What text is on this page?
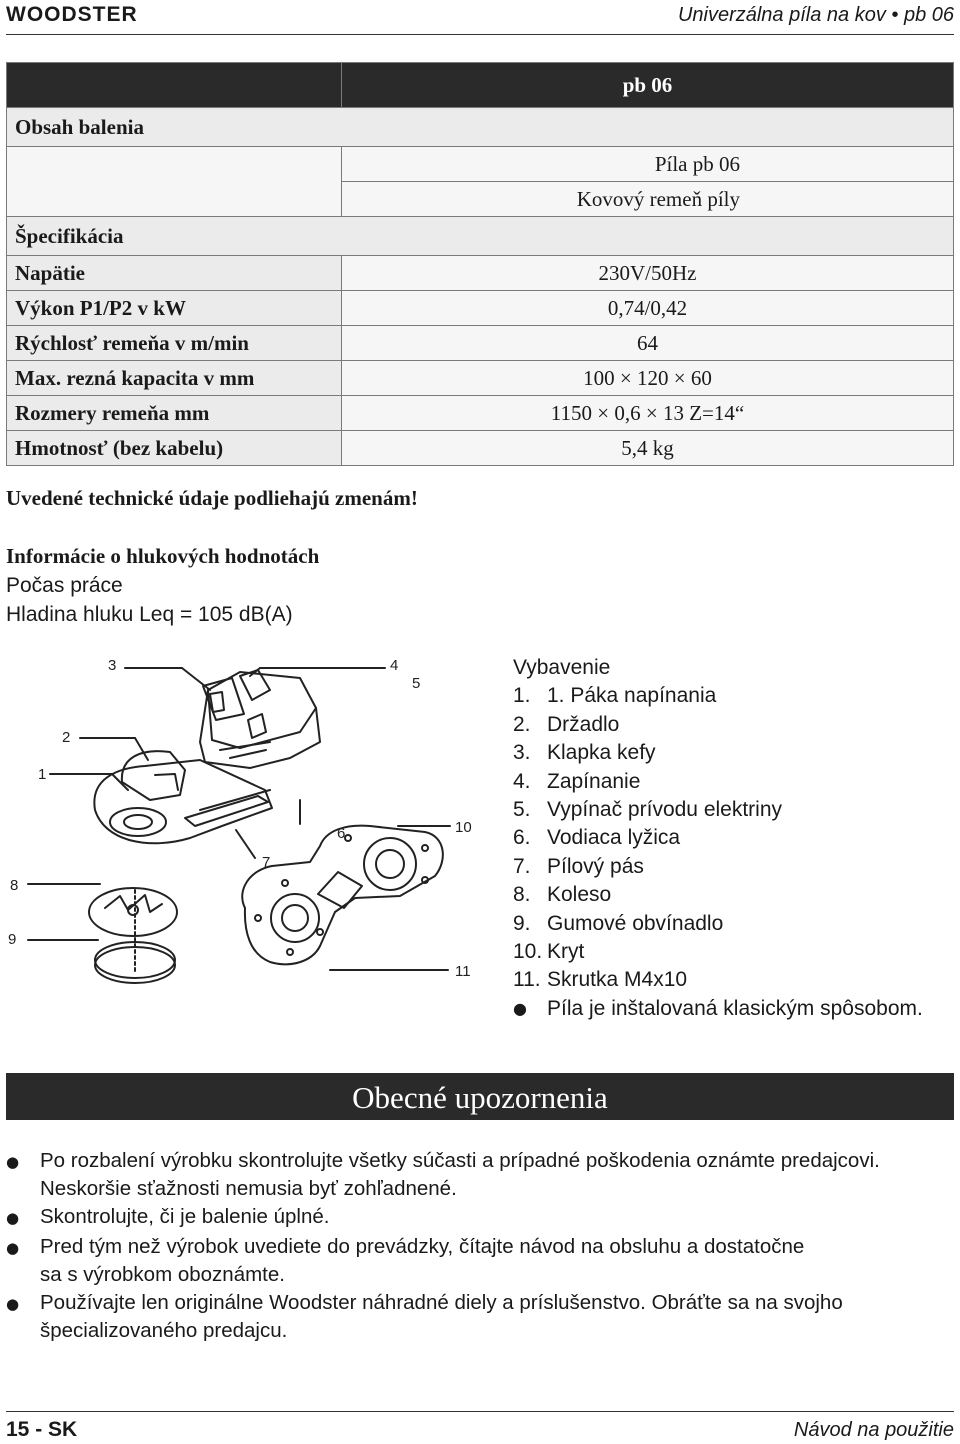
WOODSTER	Univerzálna píla na kov • pb 06
	pb 06
Obsah balenia	
	Píla pb 06
	Kovový remeň píly
Špecifikácia	
Napätie	230V/50Hz
Výkon P1/P2 v kW	0,74/0,42
Rýchlosť remeňa v m/min	64
Max. rezná kapacita v mm	100 × 120 × 60
Rozmery remeňa mm	1150 × 0,6 × 13 Z=14“
Hmotnosť (bez kabelu)	5,4 kg
Uvedené technické údaje podliehajú zmenám!
Informácie o hlukových hodnotách
Počas práce
Hladina hluku Leq = 105 dB(A)
3	4
5
2
1
6	10
7
8
9
11
Vybavenie
1. 1. Páka napínania
2. Držadlo
3. Klapka kefy
4. Zapínanie
5. Vypínač prívodu elektriny
6. Vodiaca lyžica
7. Pílový pás
8. Koleso
9. Gumové obvínadlo
10. Kryt
11. Skrutka M4x10
● Píla je inštalovaná klasickým spôsobom.
Obecné upozornenia
●	Po rozbalení výrobku skontrolujte všetky súčasti a prípadné poškodenia oznámte predajcovi.
Neskoršie sťažnosti nemusia byť zohľadnené.
●	Skontrolujte, či je balenie úplné.
●	Pred tým než výrobok uvediete do prevádzky, čítajte návod na obsluhu a dostatočne
sa s výrobkom oboznámte.
●	Používajte len originálne Woodster náhradné diely a príslušenstvo. Obráťte sa na svojho
špecializovaného predajcu.
15 - SK	Návod na použitie
